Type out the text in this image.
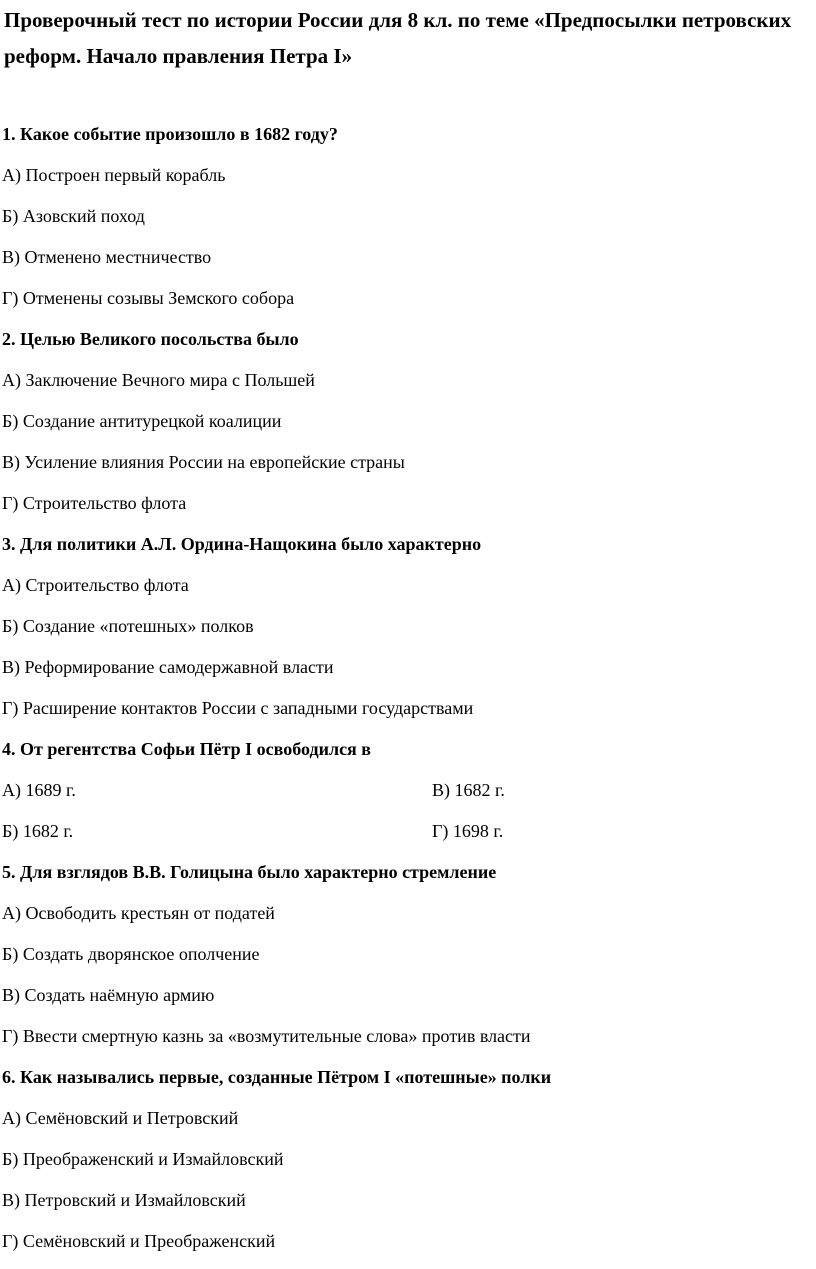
Проверочный тест по истории России для 8 кл. по теме «Предпосылки петровских реформ. Начало правления Петра I»
1. Какое событие произошло в 1682 году?
А) Построен первый корабль
Б) Азовский поход
В) Отменено местничество
Г) Отменены созывы Земского собора
2. Целью Великого посольства было
А) Заключение Вечного мира с Польшей
Б) Создание антитурецкой коалиции
В) Усиление влияния России на европейские страны
Г) Строительство флота
3. Для политики А.Л. Ордина-Нащокина было характерно
А) Строительство флота
Б) Создание «потешных» полков
В) Реформирование самодержавной власти
Г) Расширение контактов России с западными государствами
4. От регентства Софьи Пётр I освободился в
А) 1689 г.	В) 1682 г.
Б) 1682 г.	Г) 1698 г.
5. Для взглядов В.В. Голицына было характерно стремление
А) Освободить крестьян от податей
Б) Создать дворянское ополчение
В) Создать наёмную армию
Г) Ввести смертную казнь за «возмутительные слова» против власти
6. Как назывались первые, созданные Пётром I «потешные» полки
А) Семёновский и Петровский
Б) Преображенский и Измайловский
В) Петровский и Измайловский
Г) Семёновский и Преображенский
